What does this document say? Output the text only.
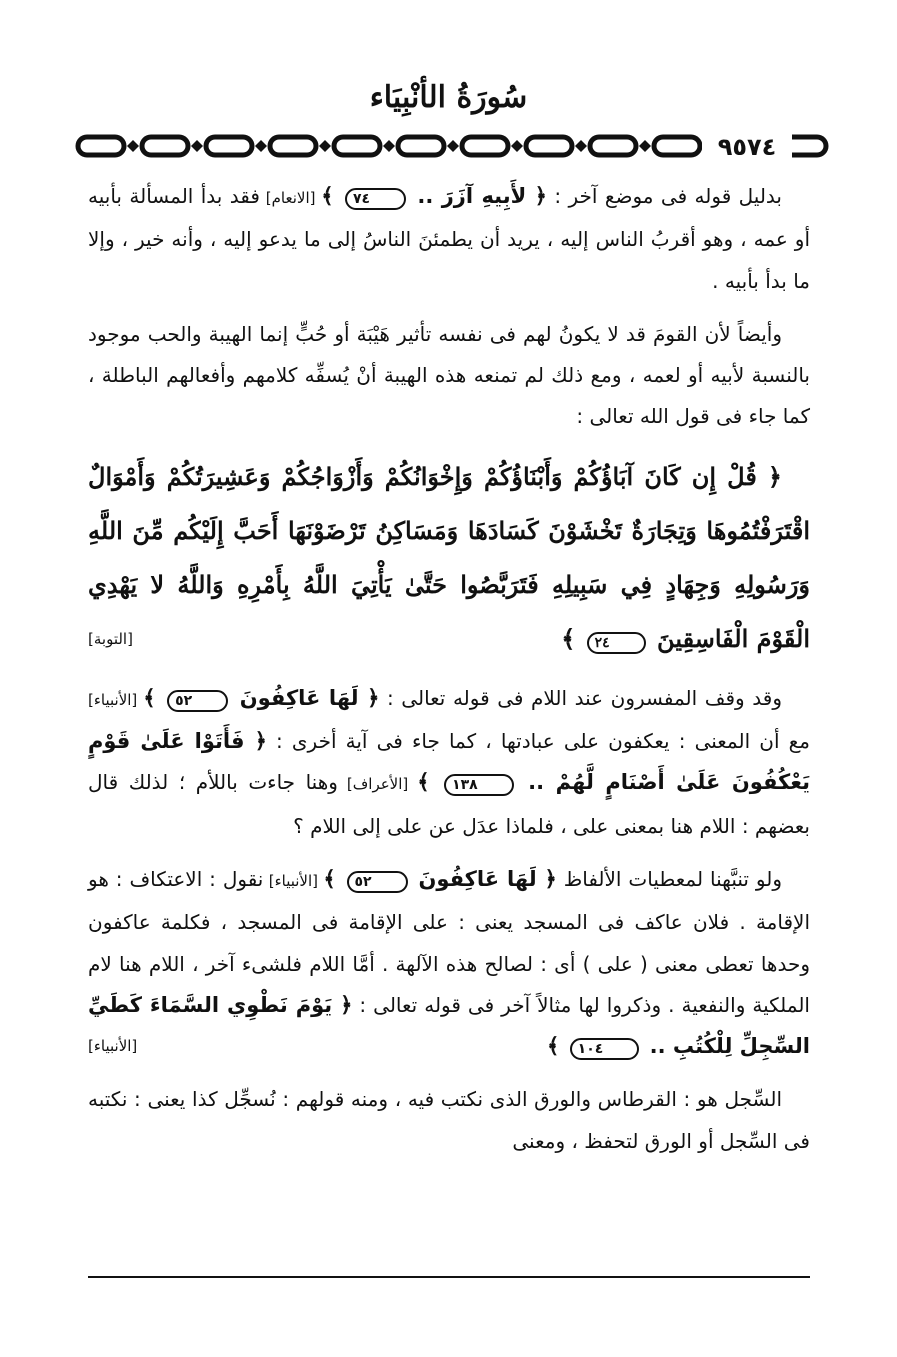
سُورَةُ الأنْبِيَاء
٩٥٧٤

بدليل قوله فى موضع آخر : ﴿ لأَبِيهِ آزَرَ .. ٧٤ ﴾ [الانعام] فقد بدأ المسألة بأبيه أو عمه ، وهو أقربُ الناس إليه ، يريد أن يطمئنَ الناسُ إلى ما يدعو إليه ، وأنه خير ، وإلا ما بدأ بأبيه .

وأيضاً لأن القومَ قد لا يكونُ لهم فى نفسه تأثير هَيْبَة أو حُبٍّ إنما الهيبة والحب موجود بالنسبة لأبيه أو لعمه ، ومع ذلك لم تمنعه هذه الهيبة أنْ يُسفِّه كلامهم وأفعالهم الباطلة ، كما جاء فى قول الله تعالى :

﴿ قُلْ إِن كَانَ آبَاؤُكُمْ وَأَبْنَاؤُكُمْ وَإِخْوَانُكُمْ وَأَزْوَاجُكُمْ وَعَشِيرَتُكُمْ وَأَمْوَالٌ اقْتَرَفْتُمُوهَا وَتِجَارَةٌ تَخْشَوْنَ كَسَادَهَا وَمَسَاكِنُ تَرْضَوْنَهَا أَحَبَّ إِلَيْكُم مِّنَ اللَّهِ وَرَسُولِهِ وَجِهَادٍ فِي سَبِيلِهِ فَتَرَبَّصُوا حَتَّىٰ يَأْتِيَ اللَّهُ بِأَمْرِهِ وَاللَّهُ لا يَهْدِي الْقَوْمَ الْفَاسِقِينَ ٢٤ ﴾
[التوبة]

وقد وقف المفسرون عند اللام فى قوله تعالى : ﴿ لَهَا عَاكِفُونَ ٥٢ ﴾ [الأنبياء] مع أن المعنى : يعكفون على عبادتها ، كما جاء فى آية أخرى : ﴿ فَأَتَوْا عَلَىٰ قَوْمٍ يَعْكُفُونَ عَلَىٰ أَصْنَامٍ لَّهُمْ .. ١٣٨ ﴾ [الأعراف] وهنا جاءت باللأم ؛ لذلك قال بعضهم : اللام هنا بمعنى على ، فلماذا عدَل عن على إلى اللام ؟

ولو تنبَّهنا لمعطيات الألفاظ ﴿ لَهَا عَاكِفُونَ ٥٢ ﴾ [الأنبياء] نقول : الاعتكاف : هو الإقامة . فلان عاكف فى المسجد يعنى : على الإقامة فى المسجد ، فكلمة عاكفون وحدها تعطى معنى ( على ) أى : لصالح هذه الآلهة . أمَّا اللام فلشىء آخر ، اللام هنا لام الملكية والنفعية . وذكروا لها مثالاً آخر فى قوله تعالى : ﴿ يَوْمَ نَطْوِي السَّمَاءَ كَطَيِّ السِّجِلِّ لِلْكُتُبِ .. ١٠٤ ﴾
[الأنبياء]

السِّجل هو : القرطاس والورق الذى نكتب فيه ، ومنه قولهم : نُسجِّل كذا يعنى : نكتبه فى السِّجل أو الورق لتحفظ ، ومعنى
